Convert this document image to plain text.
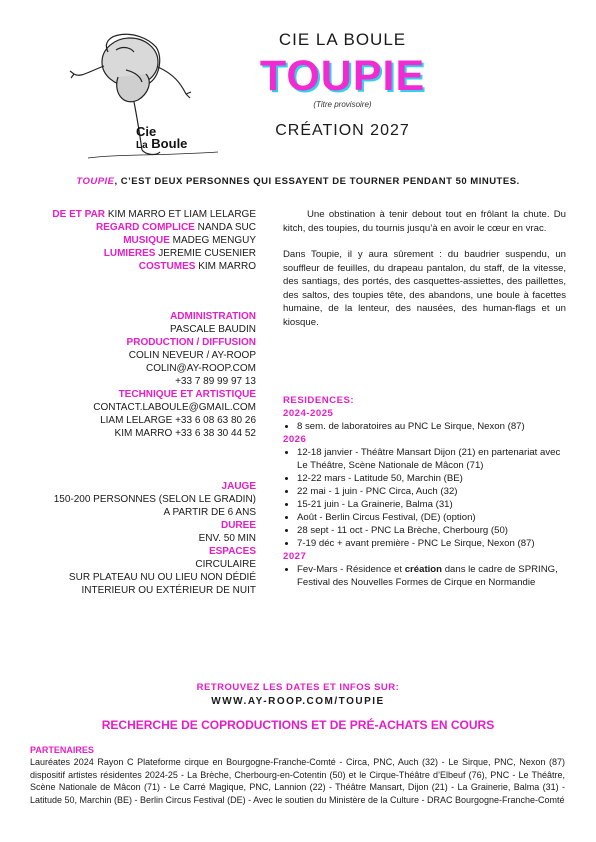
Cie
La Boule
CIE LA BOULE
TOUPIE
(Titre provisoire)
CRÉATION 2027
TOUPIE, C’EST DEUX PERSONNES QUI ESSAYENT DE TOURNER PENDANT 50 MINUTES.
DE ET PAR KIM MARRO ET LIAM LELARGE
REGARD COMPLICE NANDA SUC
MUSIQUE MADEG MENGUY
LUMIERES JEREMIE CUSENIER
COSTUMES KIM MARRO
ADMINISTRATION
PASCALE BAUDIN
PRODUCTION / DIFFUSION
COLIN NEVEUR / AY-ROOP
COLIN@AY-ROOP.COM
+33 7 89 99 97 13
TECHNIQUE ET ARTISTIQUE
CONTACT.LABOULE@GMAIL.COM
LIAM LELARGE +33 6 08 63 80 26
KIM MARRO +33 6 38 30 44 52
JAUGE
150-200 PERSONNES (SELON LE GRADIN)
A PARTIR DE 6 ANS
DUREE
ENV. 50 MIN
ESPACES
CIRCULAIRE
SUR PLATEAU NU OU LIEU NON DÉDIÉ
INTERIEUR OU EXTÉRIEUR DE NUIT

Une obstination à tenir debout tout en frôlant la chute. Du kitch, des toupies, du tournis jusqu’à en avoir le cœur en vrac.

Dans Toupie, il y aura sûrement : du baudrier suspendu, un souffleur de feuilles, du drapeau pantalon, du staff, de la vitesse, des santiags, des portés, des casquettes-assiettes, des paillettes, des saltos, des toupies tête, des abandons, une boule à facettes humaine, de la lenteur, des nausées, des human-flags et un kiosque.

RESIDENCES:
2024-2025
• 8 sem. de laboratoires au PNC Le Sirque, Nexon (87)
2026
• 12-18 janvier - Théâtre Mansart Dijon (21) en partenariat avec Le Théâtre, Scène Nationale de Mâcon (71)
• 12-22 mars - Latitude 50, Marchin (BE)
• 22 mai - 1 juin - PNC Circa, Auch (32)
• 15-21 juin - La Grainerie, Balma (31)
• Août - Berlin Circus Festival, (DE) (option)
• 28 sept - 11 oct - PNC La Brèche, Cherbourg (50)
• 7-19 déc + avant première - PNC Le Sirque, Nexon (87)
2027
• Fev-Mars - Résidence et création dans le cadre de SPRING, Festival des Nouvelles Formes de Cirque en Normandie
RETROUVEZ LES DATES ET INFOS SUR:
WWW.AY-ROOP.COM/TOUPIE
RECHERCHE DE COPRODUCTIONS ET DE PRÉ-ACHATS EN COURS
PARTENAIRES
Lauréates 2024 Rayon C Plateforme cirque en Bourgogne-Franche-Comté - Circa, PNC, Auch (32) - Le Sirque, PNC, Nexon (87) dispositif artistes résidentes 2024-25 - La Brèche, Cherbourg-en-Cotentin (50) et le Cirque-Théâtre d’Elbeuf (76), PNC - Le Théâtre, Scène Nationale de Mâcon (71) - Le Carré Magique, PNC, Lannion (22) - Théâtre Mansart, Dijon (21) - La Grainerie, Balma (31) - Latitude 50, Marchin (BE) - Berlin Circus Festival (DE) - Avec le soutien du Ministère de la Culture - DRAC Bourgogne-Franche-Comté
